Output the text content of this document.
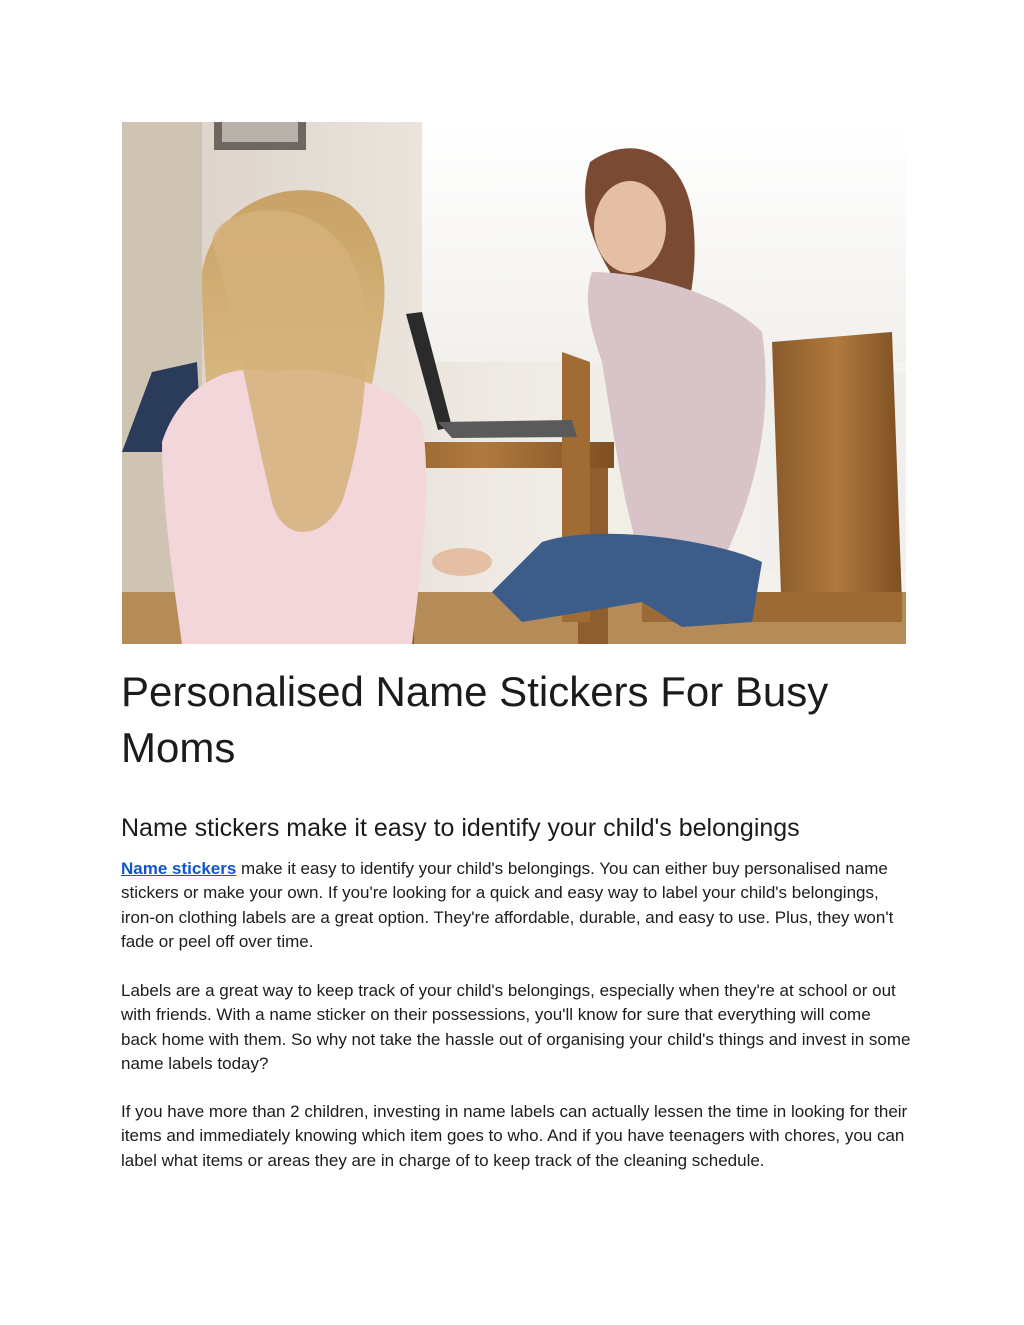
Personalised Name Stickers For Busy Moms
Name stickers make it easy to identify your child's belongings

Name stickers make it easy to identify your child's belongings. You can either buy personalised name stickers or make your own. If you're looking for a quick and easy way to label your child's belongings, iron-on clothing labels are a great option. They're affordable, durable, and easy to use. Plus, they won't fade or peel off over time.

Labels are a great way to keep track of your child's belongings, especially when they're at school or out with friends. With a name sticker on their possessions, you'll know for sure that everything will come back home with them. So why not take the hassle out of organising your child's things and invest in some name labels today?

If you have more than 2 children, investing in name labels can actually lessen the time in looking for their items and immediately knowing which item goes to who. And if you have teenagers with chores, you can label what items or areas they are in charge of to keep track of the cleaning schedule.
